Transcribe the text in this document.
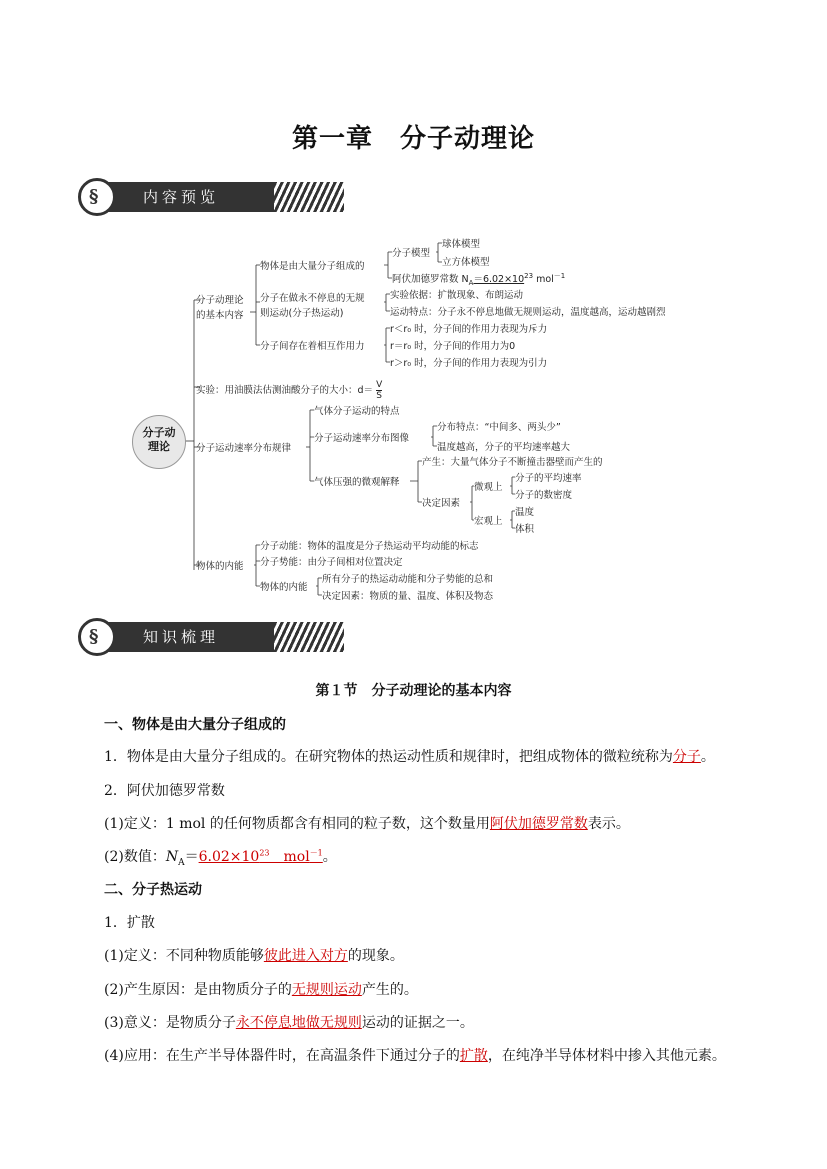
第一章　分子动理论
§	内容预览
分子动
理论
分子动理论
的基本内容
物体是由大量分子组成的
分子模型
球体模型
立方体模型
阿伏加德罗常数 $N_A=6.02\times 10^{23}$ mol$^{-1}$
分子在做永不停息的无规
则运动(分子热运动)
实验依据：扩散现象、布朗运动
运动特点：分子永不停息地做无规则运动，温度越高，运动越剧烈
分子间存在着相互作用力
r＜r₀ 时，分子间的作用力表现为斥力
r＝r₀ 时，分子间的作用力为0
r＞r₀ 时，分子间的作用力表现为引力
实验：用油膜法估测油酸分子的大小：$d= \frac{V}{S}$
分子运动速率分布规律
气体分子运动的特点
分子运动速率分布图像
分布特点：“中间多、两头少”
温度越高，分子的平均速率越大
气体压强的微观解释
产生：大量气体分子不断撞击器壁而产生的
决定因素
微观上
分子的平均速率
分子的数密度
宏观上
温度
体积
物体的内能
分子动能：物体的温度是分子热运动平均动能的标志
分子势能：由分子间相对位置决定
物体的内能
所有分子的热运动动能和分子势能的总和
决定因素：物质的量、温度、体积及物态
§	知识梳理
第１节　分子动理论的基本内容
一、物体是由大量分子组成的
1．物体是由大量分子组成的。在研究物体的热运动性质和规律时，把组成物体的微粒统称为分子。
2．阿伏加德罗常数
(1)定义：1 mol 的任何物质都含有相同的粒子数，这个数量用阿伏加德罗常数表示。
(2)数值：$N_A=6.02\times 10^{23}$　mol$^{-1}$。
二、分子热运动
1．扩散
(1)定义：不同种物质能够彼此进入对方的现象。
(2)产生原因：是由物质分子的无规则运动产生的。
(3)意义：是物质分子永不停息地做无规则运动的证据之一。
(4)应用：在生产半导体器件时，在高温条件下通过分子的扩散，在纯净半导体材料中掺入其他元素。
